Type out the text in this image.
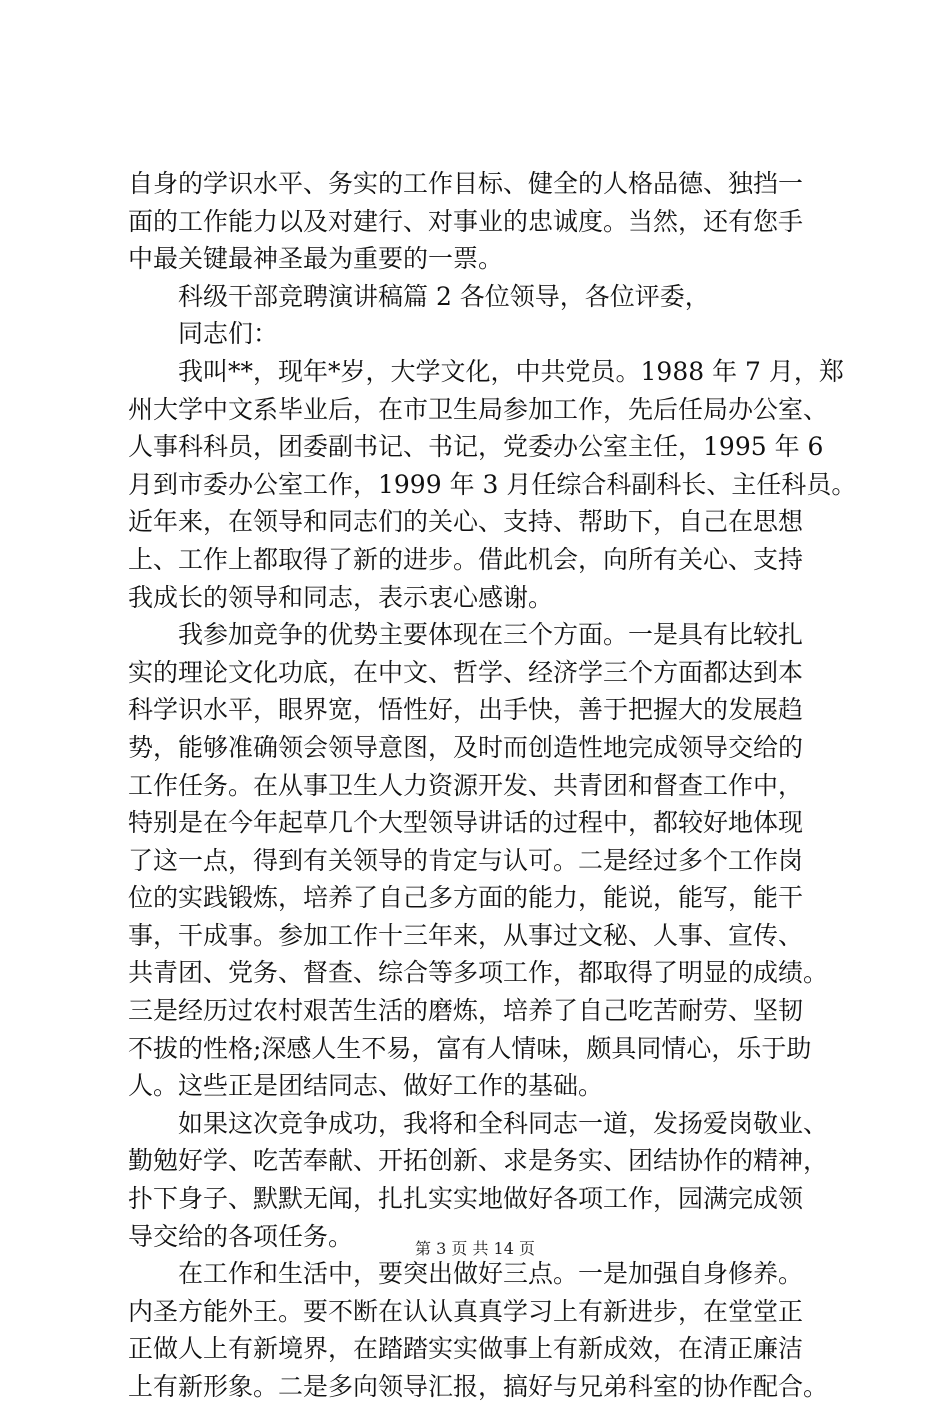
自身的学识水平、务实的工作目标、健全的人格品德、独挡一
面的工作能力以及对建行、对事业的忠诚度。当然，还有您手
中最关键最神圣最为重要的一票。
　　科级干部竞聘演讲稿篇 2 各位领导，各位评委，
　　同志们：
　　我叫**，现年*岁，大学文化，中共党员。1988 年 7 月，郑
州大学中文系毕业后，在市卫生局参加工作，先后任局办公室、
人事科科员，团委副书记、书记，党委办公室主任，1995 年 6
月到市委办公室工作，1999 年 3 月任综合科副科长、主任科员。
近年来，在领导和同志们的关心、支持、帮助下，自己在思想
上、工作上都取得了新的进步。借此机会，向所有关心、支持
我成长的领导和同志，表示衷心感谢。
　　我参加竞争的优势主要体现在三个方面。一是具有比较扎
实的理论文化功底，在中文、哲学、经济学三个方面都达到本
科学识水平，眼界宽，悟性好，出手快，善于把握大的发展趋
势，能够准确领会领导意图，及时而创造性地完成领导交给的
工作任务。在从事卫生人力资源开发、共青团和督查工作中，
特别是在今年起草几个大型领导讲话的过程中，都较好地体现
了这一点，得到有关领导的肯定与认可。二是经过多个工作岗
位的实践锻炼，培养了自己多方面的能力，能说，能写，能干
事，干成事。参加工作十三年来，从事过文秘、人事、宣传、
共青团、党务、督查、综合等多项工作，都取得了明显的成绩。
三是经历过农村艰苦生活的磨炼，培养了自己吃苦耐劳、坚韧
不拔的性格;深感人生不易，富有人情味，颇具同情心，乐于助
人。这些正是团结同志、做好工作的基础。
　　如果这次竞争成功，我将和全科同志一道，发扬爱岗敬业、
勤勉好学、吃苦奉献、开拓创新、求是务实、团结协作的精神，
扑下身子、默默无闻，扎扎实实地做好各项工作，园满完成领
导交给的各项任务。
　　在工作和生活中，要突出做好三点。一是加强自身修养。
内圣方能外王。要不断在认认真真学习上有新进步，在堂堂正
正做人上有新境界，在踏踏实实做事上有新成效，在清正廉洁
上有新形象。二是多向领导汇报，搞好与兄弟科室的协作配合。
第 3 页 共 14 页
